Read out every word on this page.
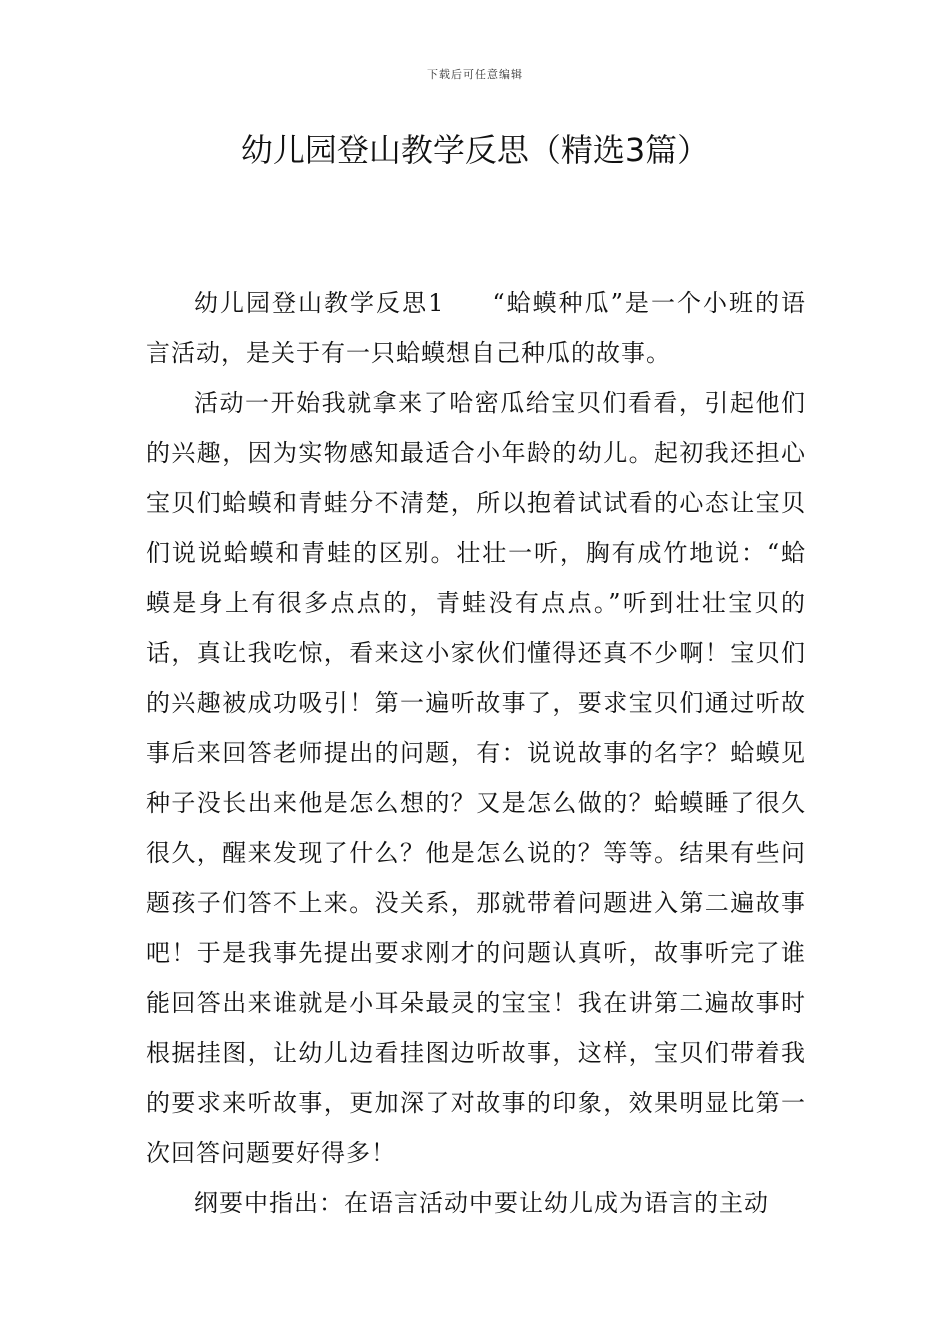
下载后可任意编辑
幼儿园登山教学反思（精选3篇）

幼儿园登山教学反思1 “蛤蟆种瓜”是一个小班的语言活动，是关于有一只蛤蟆想自己种瓜的故事。

活动一开始我就拿来了哈密瓜给宝贝们看看，引起他们的兴趣，因为实物感知最适合小年龄的幼儿。起初我还担心宝贝们蛤蟆和青蛙分不清楚，所以抱着试试看的心态让宝贝们说说蛤蟆和青蛙的区别。壮壮一听，胸有成竹地说：“蛤蟆是身上有很多点点的，青蛙没有点点。”听到壮壮宝贝的话，真让我吃惊，看来这小家伙们懂得还真不少啊！宝贝们的兴趣被成功吸引！第一遍听故事了，要求宝贝们通过听故事后来回答老师提出的问题，有：说说故事的名字？蛤蟆见种子没长出来他是怎么想的？又是怎么做的？蛤蟆睡了很久很久，醒来发现了什么？他是怎么说的？等等。结果有些问题孩子们答不上来。没关系，那就带着问题进入第二遍故事吧！于是我事先提出要求刚才的问题认真听，故事听完了谁能回答出来谁就是小耳朵最灵的宝宝！我在讲第二遍故事时根据挂图，让幼儿边看挂图边听故事，这样，宝贝们带着我的要求来听故事，更加深了对故事的印象，效果明显比第一次回答问题要好得多！

纲要中指出：在语言活动中要让幼儿成为语言的主动
